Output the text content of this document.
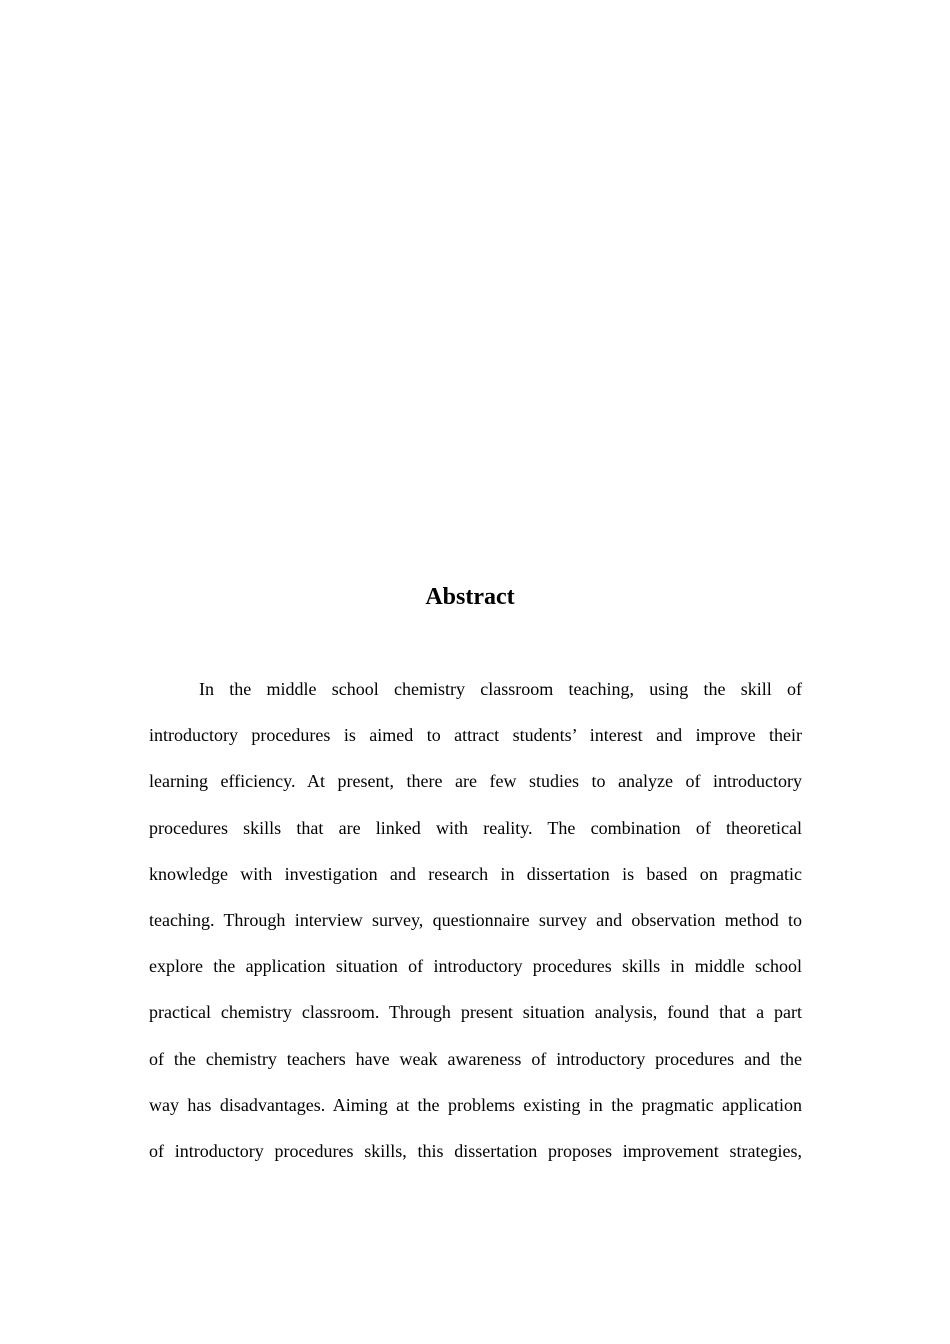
Abstract
In the middle school chemistry classroom teaching, using the skill of
introductory procedures is aimed to attract students’ interest and improve their
learning efficiency. At present, there are few studies to analyze of introductory
procedures skills that are linked with reality. The combination of theoretical
knowledge with investigation and research in dissertation is based on pragmatic
teaching. Through interview survey, questionnaire survey and observation method to
explore the application situation of introductory procedures skills in middle school
practical chemistry classroom. Through present situation analysis, found that a part
of the chemistry teachers have weak awareness of introductory procedures and the
way has disadvantages. Aiming at the problems existing in the pragmatic application
of introductory procedures skills, this dissertation proposes improvement strategies,
